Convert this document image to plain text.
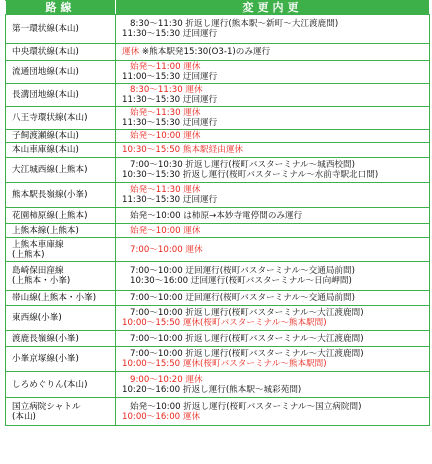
路線	変更内更

第一環状線(本山)	8:30〜11:30 折返し運行(熊本駅〜新町〜大江渡鹿間)
11:30〜15:30 迂回運行

中央環状線(本山)	運休 ※熊本駅発15:30(O3-1)のみ運行

流通団地線(本山)	始発〜11:00 運休
11:00〜15:30 迂回運行

長溝団地線(本山)	8:30〜11:30 運休
11:30〜15:30 迂回運行

八王寺環状線(本山)	始発〜11:30 運休
11:30〜15:30 迂回運行

子飼渡瀬線(本山)	始発〜10:00 運休

本山車庫線(本山)	10:30〜15:50 熊本駅経由運休

大江城西線(上熊本)	7:00〜10:30 折返し運行(桜町バスターミナル〜城西校間)
10:30〜15:30 折返し運行(桜町バスターミナル〜水前寺駅北口間)

熊本駅長嶺線(小峯)	始発〜11:30 運休
11:30〜15:30 迂回運行

花園柿原線(上熊本)	始発〜10:00 は柿原→本妙寺電停間のみ運行

上熊本線(上熊本)	始発〜10:00 運休

上熊本車庫線
(上熊本)	7:00〜10:00 運休

島崎保田窪線
(上熊本・小峯)	7:00〜10:00 迂回運行(桜町バスターミナル〜交通局前間)
10:30〜16:00 迂回運行(桜町バスターミナル〜日向岬間)

帯山線(上熊本・小峯)	7:00〜10:00 迂回運行(桜町バスターミナル〜交通局前間)

東西線(小峯)	7:00〜10:00 折返し運行(桜町バスターミナル〜大江渡鹿間)
10:00〜15:50 運休(桜町バスターミナル〜熊本駅間)

渡鹿長嶺線(小峯)	7:00〜10:00 折返し運行(桜町バスターミナル〜大江渡鹿間)

小峯京塚線(小峯)	7:00〜10:00 折返し運行(桜町バスターミナル〜大江渡鹿間)
10:00〜15:50 運休(桜町バスターミナル〜熊本駅間)

しろめぐりん(本山)	9:00〜10:20 運休
10:20〜16:00 折返し運行(熊本駅〜城彩苑間)

国立病院シャトル
(本山)	始発〜10:00 折返し運行(桜町バスターミナル〜国立病院間)
10:00〜16:00 運休
